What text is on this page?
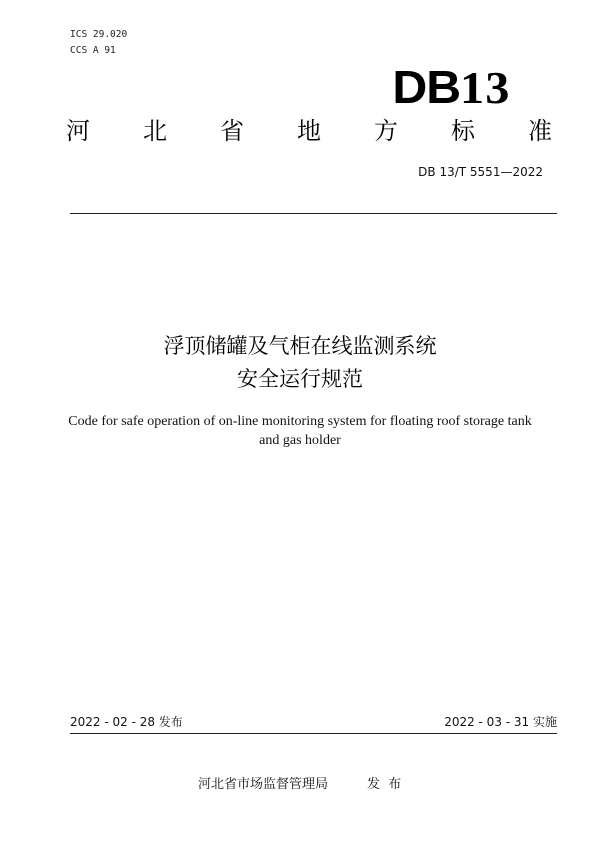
ICS 29.020
CCS A 91
DB13
河 北 省 地 方 标 准
DB 13/T 5551—2022
浮顶储罐及气柜在线监测系统
安全运行规范
Code for safe operation of on-line monitoring system for floating roof storage tank
and gas holder
2022 - 02 - 28 发布	2022 - 03 - 31 实施
河北省市场监督管理局	发  布
